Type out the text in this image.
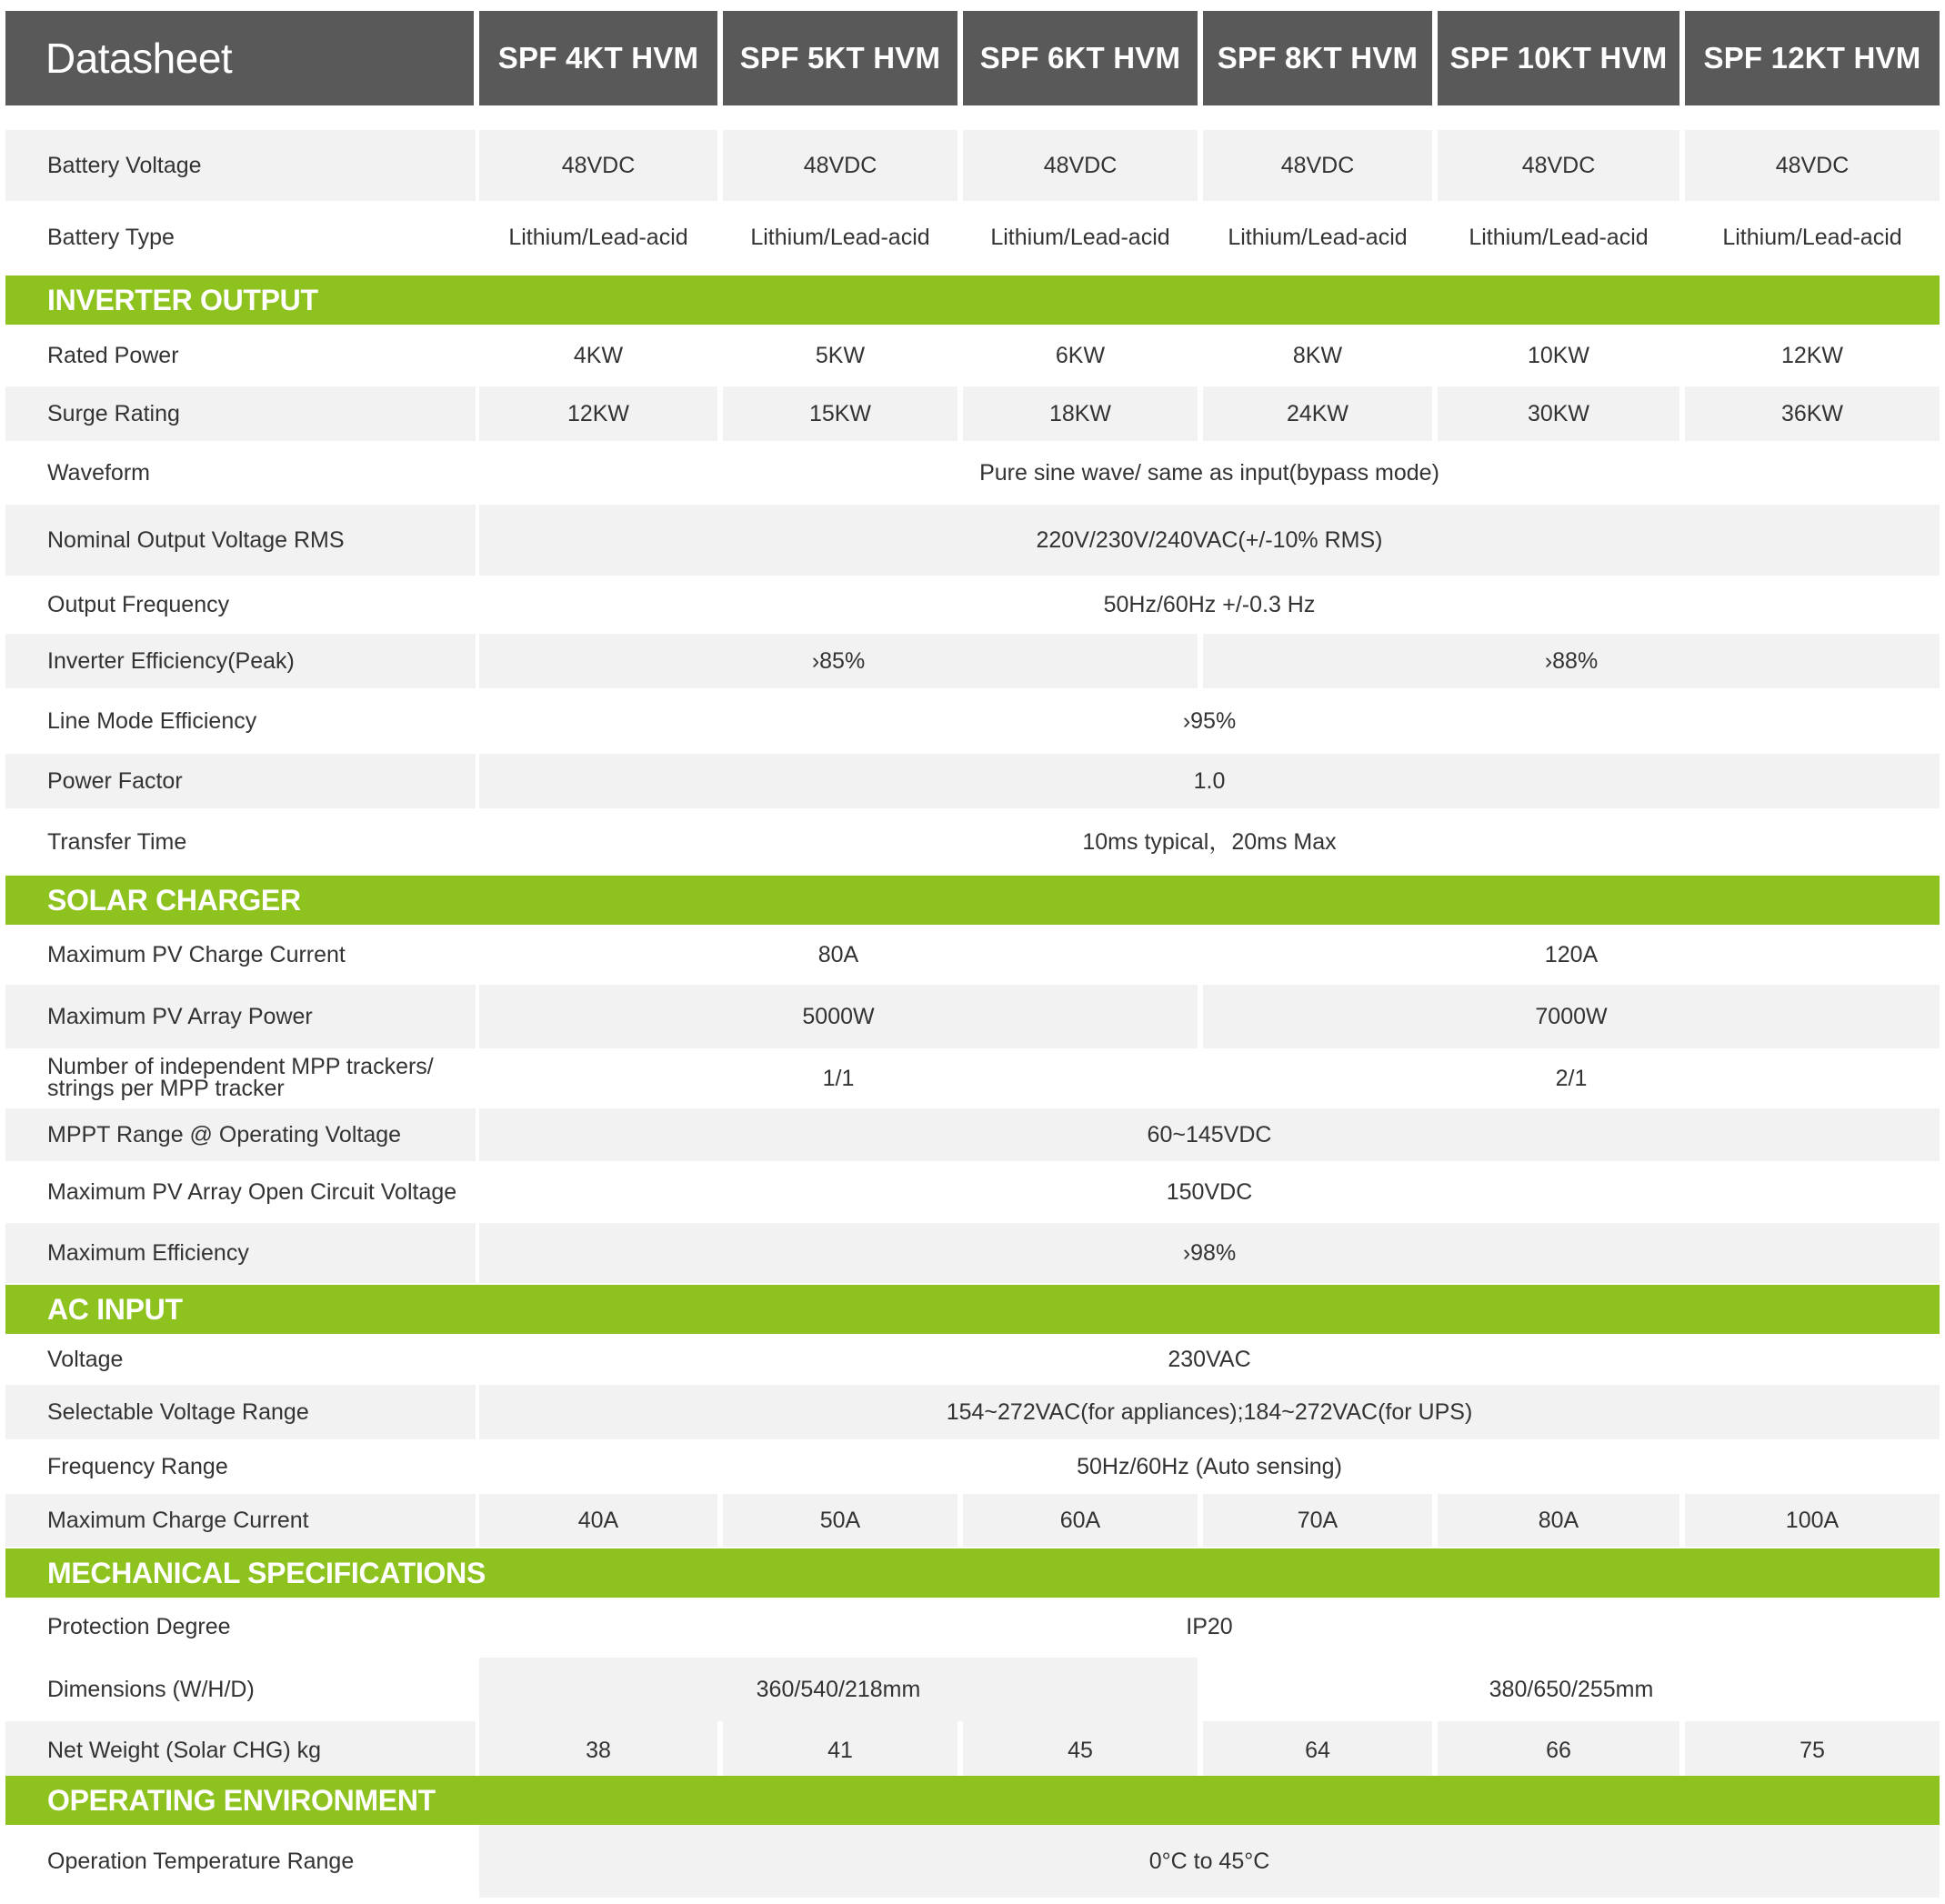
Datasheet	SPF 4KT HVM	SPF 5KT HVM	SPF 6KT HVM	SPF 8KT HVM	SPF 10KT HVM	SPF 12KT HVM
Battery Voltage	48VDC	48VDC	48VDC	48VDC	48VDC	48VDC
Battery Type	Lithium/Lead-acid	Lithium/Lead-acid	Lithium/Lead-acid	Lithium/Lead-acid	Lithium/Lead-acid	Lithium/Lead-acid
INVERTER OUTPUT
Rated Power	4KW	5KW	6KW	8KW	10KW	12KW
Surge Rating	12KW	15KW	18KW	24KW	30KW	36KW
Waveform	Pure sine wave/ same as input(bypass mode)
Nominal Output Voltage RMS	220V/230V/240VAC(+/-10% RMS)
Output Frequency	50Hz/60Hz +/-0.3 Hz
Inverter Efficiency(Peak)	›85%	›88%
Line Mode Efficiency	›95%
Power Factor	1.0
Transfer Time	10ms typical，20ms Max
SOLAR CHARGER
Maximum PV Charge Current	80A	120A
Maximum PV Array Power	5000W	7000W
Number of independent MPP trackers/ strings per MPP tracker	1/1	2/1
MPPT Range @ Operating Voltage	60~145VDC
Maximum PV Array Open Circuit Voltage	150VDC
Maximum Efficiency	›98%
AC INPUT
Voltage	230VAC
Selectable Voltage Range	154~272VAC(for appliances);184~272VAC(for UPS)
Frequency Range	50Hz/60Hz (Auto sensing)
Maximum Charge Current	40A	50A	60A	70A	80A	100A
MECHANICAL SPECIFICATIONS
Protection Degree	IP20
Dimensions (W/H/D)	360/540/218mm	380/650/255mm
Net Weight (Solar CHG) kg	38	41	45	64	66	75
OPERATING ENVIRONMENT
Operation Temperature Range	0°C to 45°C
